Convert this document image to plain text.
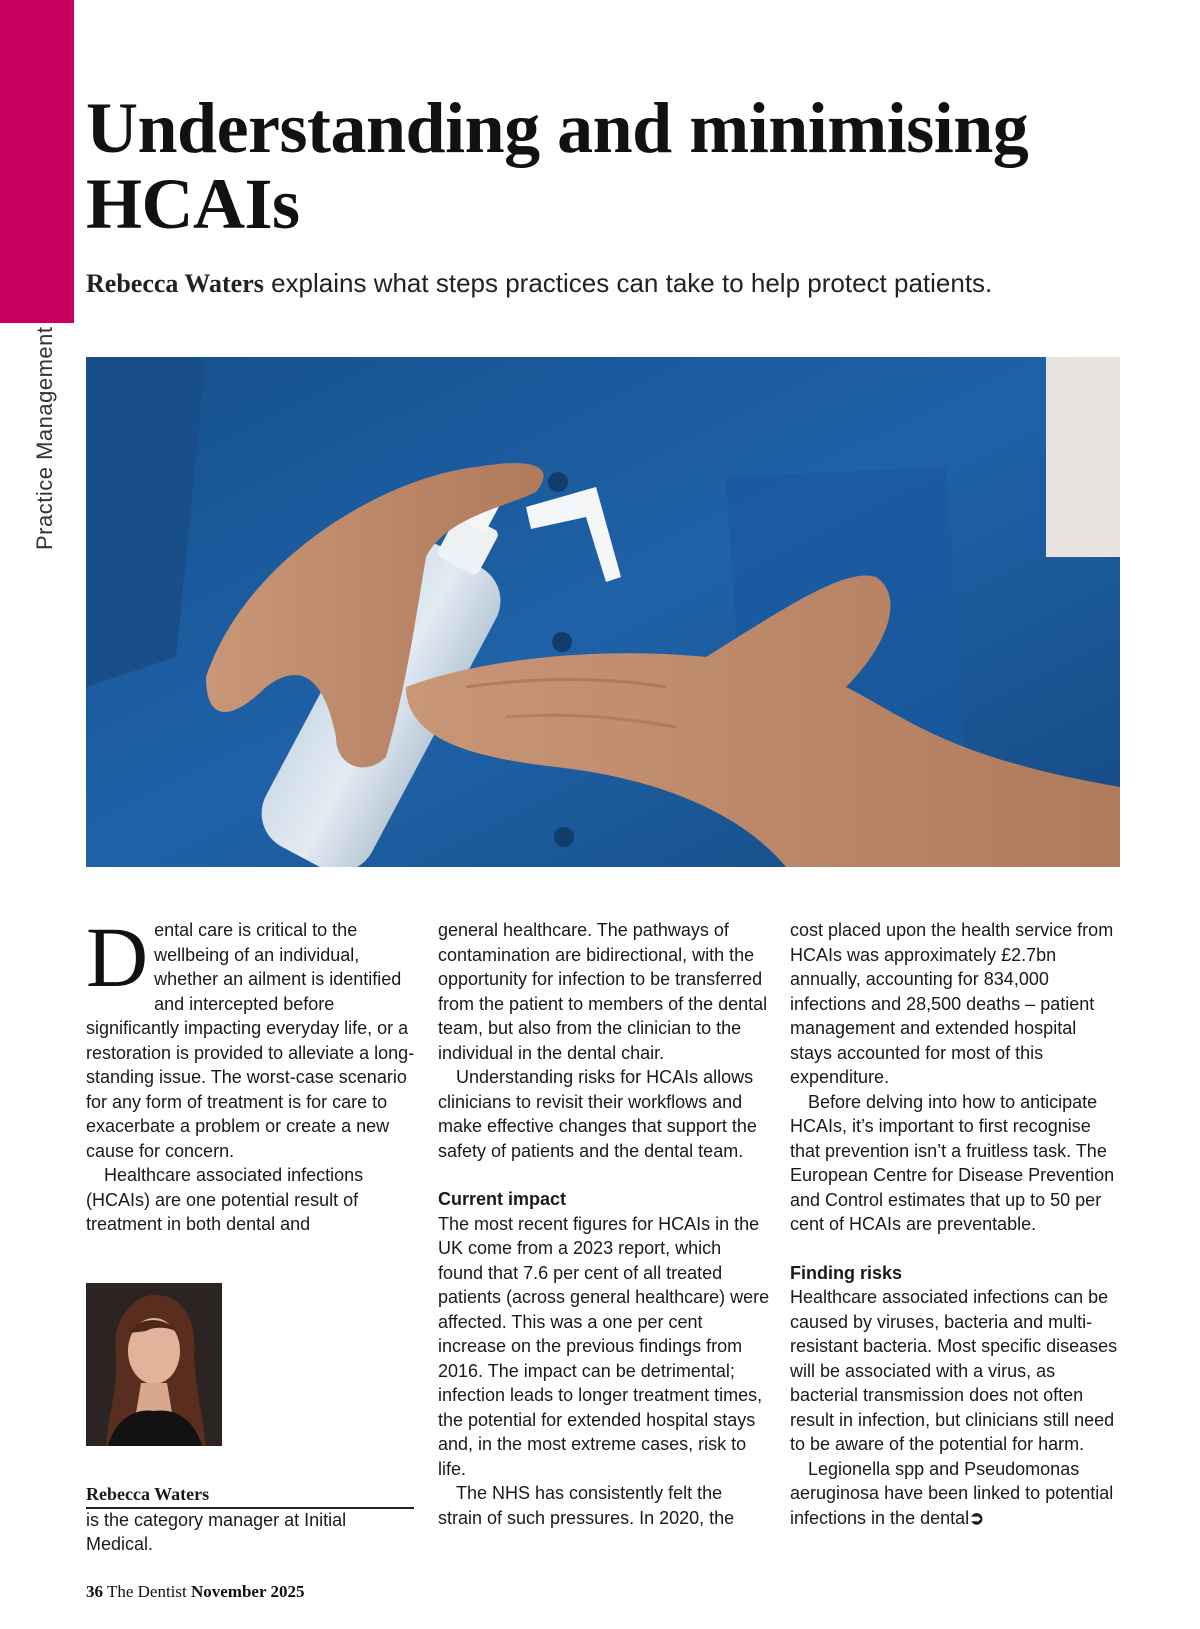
Practice Management
Understanding and minimising HCAIs
Rebecca Waters explains what steps practices can take to help protect patients.

Dental care is critical to the wellbeing of an individual, whether an ailment is identified and intercepted before significantly impacting everyday life, or a restoration is provided to alleviate a long-standing issue. The worst-case scenario for any form of treatment is for care to exacerbate a problem or create a new cause for concern.

Healthcare associated infections (HCAIs) are one potential result of treatment in both dental and

general healthcare. The pathways of contamination are bidirectional, with the opportunity for infection to be transferred from the patient to members of the dental team, but also from the clinician to the individual in the dental chair.

Understanding risks for HCAIs allows clinicians to revisit their workflows and make effective changes that support the safety of patients and the dental team.

Current impact

The most recent figures for HCAIs in the UK come from a 2023 report, which found that 7.6 per cent of all treated patients (across general healthcare) were affected. This was a one per cent increase on the previous findings from 2016. The impact can be detrimental; infection leads to longer treatment times, the potential for extended hospital stays and, in the most extreme cases, risk to life.

The NHS has consistently felt the strain of such pressures. In 2020, the

cost placed upon the health service from HCAIs was approximately £2.7bn annually, accounting for 834,000 infections and 28,500 deaths – patient management and extended hospital stays accounted for most of this expenditure.

Before delving into how to anticipate HCAIs, it’s important to first recognise that prevention isn’t a fruitless task. The European Centre for Disease Prevention and Control estimates that up to 50 per cent of HCAIs are preventable.

Finding risks

Healthcare associated infections can be caused by viruses, bacteria and multi-resistant bacteria. Most specific diseases will be associated with a virus, as bacterial transmission does not often result in infection, but clinicians still need to be aware of the potential for harm.

Legionella spp and Pseudomonas aeruginosa have been linked to potential infections in the dental➲

Rebecca Waters
is the category manager at Initial Medical.
36 The Dentist November 2025
